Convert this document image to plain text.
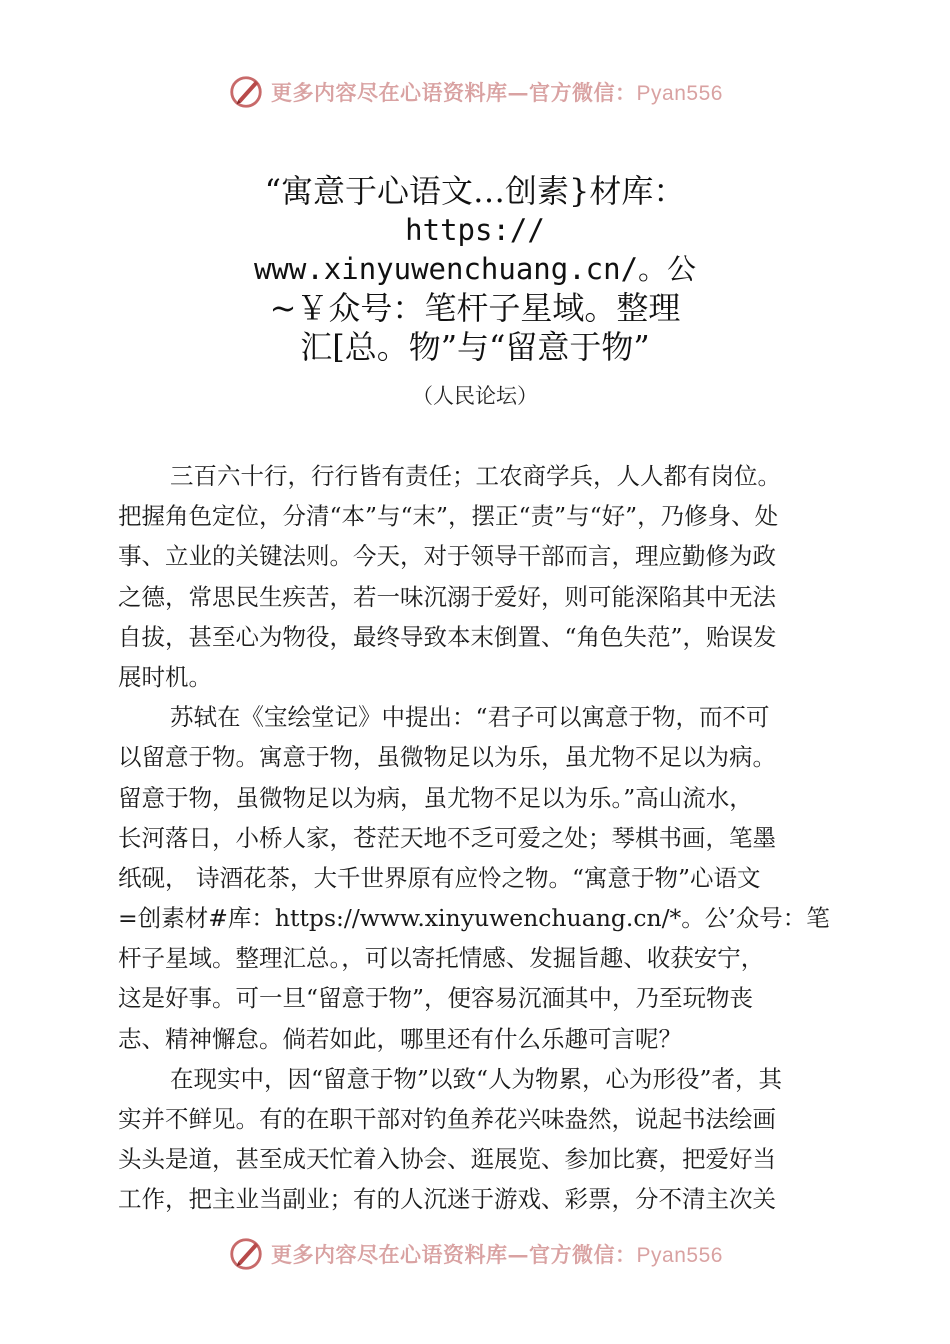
更多内容尽在心语资料库—官方微信：Pyan556
“寓意于心语文…创素}材库：
https://
www.xinyuwenchuang.cn/。公
~￥众号：笔杆子星域。整理
汇[总。物”与“留意于物”
（人民论坛）
三百六十行，行行皆有责任；工农商学兵，人人都有岗位。
把握角色定位，分清“本”与“末”，摆正“责”与“好”，乃修身、处
事、立业的关键法则。今天，对于领导干部而言，理应勤修为政
之德，常思民生疾苦，若一味沉溺于爱好，则可能深陷其中无法
自拔，甚至心为物役，最终导致本末倒置、“角色失范”，贻误发
展时机。
苏轼在《宝绘堂记》中提出：“君子可以寓意于物，而不可
以留意于物。寓意于物，虽微物足以为乐，虽尤物不足以为病。
留意于物，虽微物足以为病，虽尤物不足以为乐。”高山流水，
长河落日，小桥人家，苍茫天地不乏可爱之处；琴棋书画，笔墨
纸砚， 诗酒花茶，大千世界原有应怜之物。“寓意于物”心语文
=创素材#库：https://www.xinyuwenchuang.cn/*。公’众号：笔
杆子星域。整理汇总。，可以寄托情感、发掘旨趣、收获安宁，
这是好事。可一旦“留意于物”，便容易沉湎其中，乃至玩物丧
志、精神懈怠。倘若如此，哪里还有什么乐趣可言呢？
在现实中，因“留意于物”以致“人为物累，心为形役”者，其
实并不鲜见。有的在职干部对钓鱼养花兴味盎然，说起书法绘画
头头是道，甚至成天忙着入协会、逛展览、参加比赛，把爱好当
工作，把主业当副业；有的人沉迷于游戏、彩票，分不清主次关
更多内容尽在心语资料库—官方微信：Pyan556
